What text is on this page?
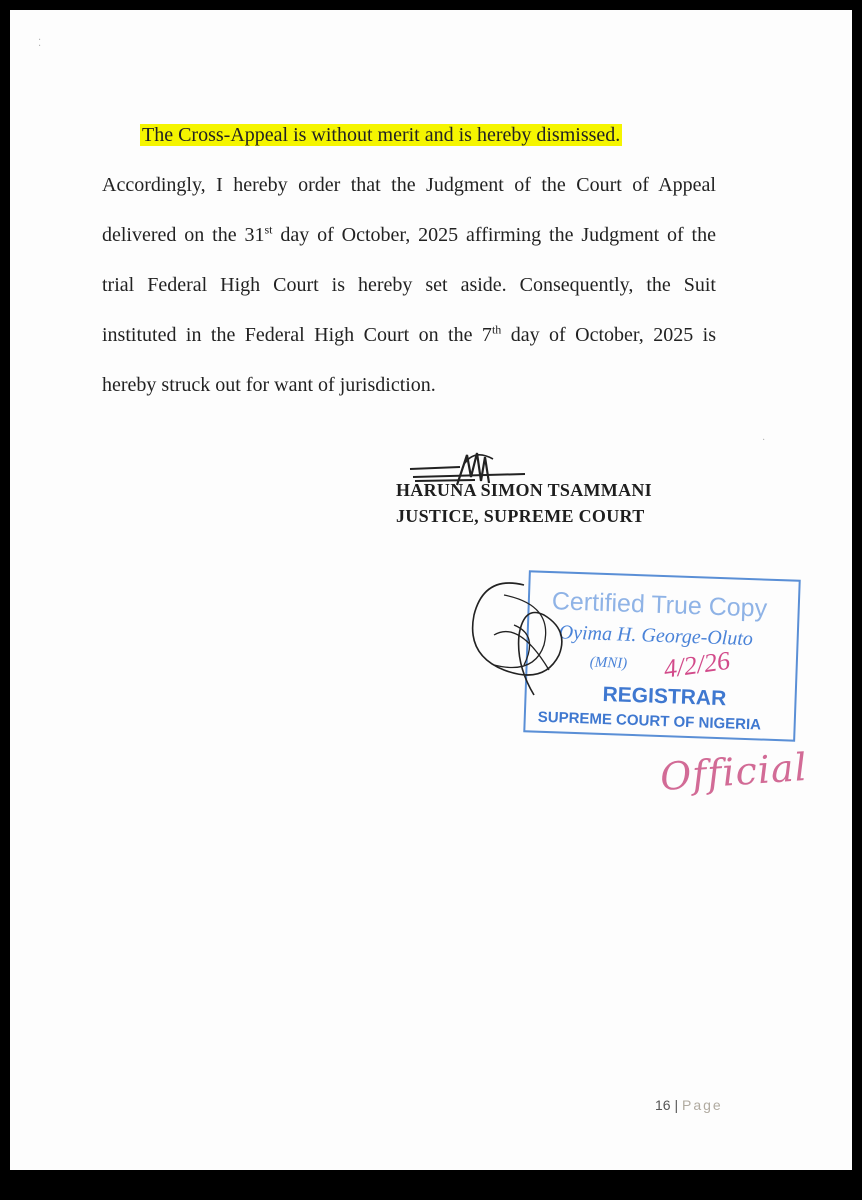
⁚
·
The Cross-Appeal is without merit and is hereby dismissed.
Accordingly, I hereby order that the Judgment of the Court of Appeal
delivered on the 31st day of October, 2025 affirming the Judgment of the
trial Federal High Court is hereby set aside. Consequently, the Suit
instituted in the Federal High Court on the 7th day of October, 2025 is
hereby struck out for want of jurisdiction.
HARUNA SIMON TSAMMANI
JUSTICE, SUPREME COURT
Certified True Copy
Oyima H. George-Oluto
(MNI) 4/2/26
REGISTRAR
SUPREME COURT OF NIGERIA
Official
16 | Page
